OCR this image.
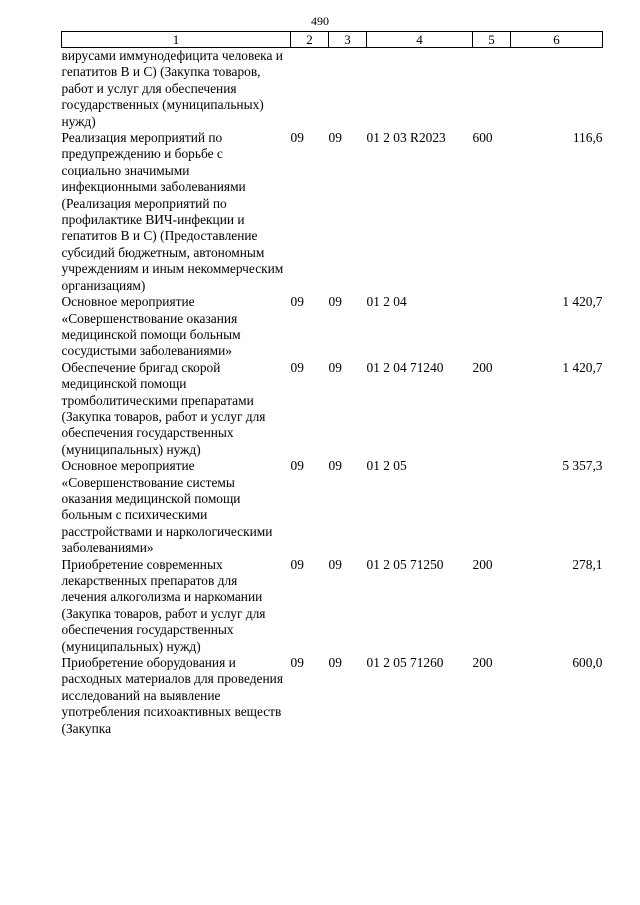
490
1	2	3	4	5	6

вирусами иммунодефицита человека и гепатитов В и С) (Закупка товаров, работ и услуг для обеспечения государственных (муниципальных) нужд)					

Реализация мероприятий по предупреждению и борьбе с социально значимыми инфекционными заболеваниями (Реализация мероприятий по профилактике ВИЧ-инфекции и гепатитов В и С) (Предоставление субсидий бюджетным, автономным учреждениям и иным некоммерческим организациям)	09	09	01 2 03 R2023	600	116,6

Основное мероприятие «Совершенствование оказания медицинской помощи больным сосудистыми заболеваниями»	09	09	01 2 04		1 420,7

Обеспечение бригад скорой медицинской помощи тромболитическими препаратами (Закупка товаров, работ и услуг для обеспечения государственных (муниципальных) нужд)	09	09	01 2 04 71240	200	1 420,7

Основное мероприятие «Совершенствование системы оказания медицинской помощи больным с психическими расстройствами и наркологическими заболеваниями»	09	09	01 2 05		5 357,3

Приобретение современных лекарственных препаратов для лечения алкоголизма и наркомании (Закупка товаров, работ и услуг для обеспечения государственных (муниципальных) нужд)	09	09	01 2 05 71250	200	278,1

Приобретение оборудования и расходных материалов для проведения исследований на выявление употребления психоактивных веществ (Закупка	09	09	01 2 05 71260	200	600,0
